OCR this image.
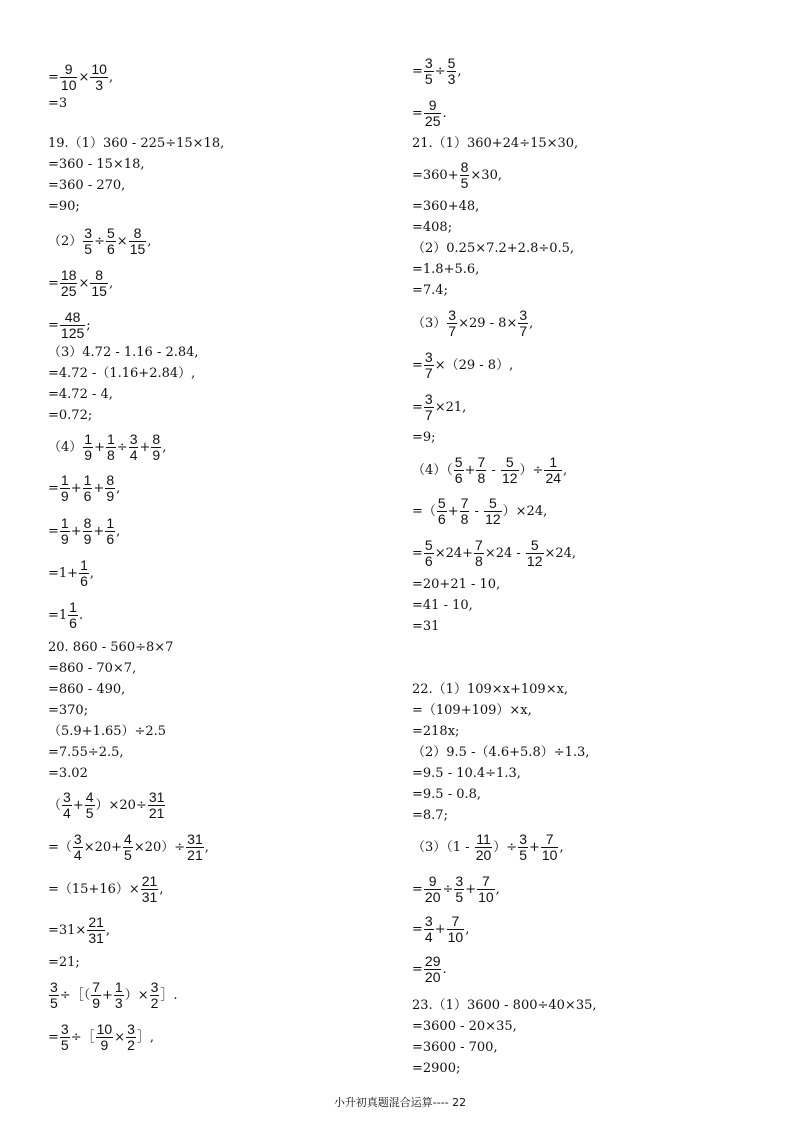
= $\frac{9}{10} \times \frac{10}{3}$ ,
=3
19.（1）360 - 225÷15×18,
=360 - 15×18,
=360 - 270,
=90;
$(2) \frac{3}{5} \div \frac{5}{6} \times \frac{8}{15}$ ,
= $\frac{18}{25} \times \frac{8}{15}$ ,
= $\frac{48}{125}$ ;
（3）4.72 - 1.16 - 2.84,
=4.72 -（1.16+2.84）,
=4.72 - 4,
=0.72;
$(4) \frac{1}{9} + \frac{1}{8} \div \frac{3}{4} + \frac{8}{9}$ ,
= $\frac{1}{9} + \frac{1}{6} + \frac{8}{9}$ ,
= $\frac{1}{9} + \frac{8}{9} + \frac{1}{6}$ ,
$=1+ \frac{1}{6}$ ,
$=1 \frac{1}{6}$ .
20. 860 - 560÷8×7
=860 - 70×7,
=860 - 490,
=370;
（5.9+1.65）÷2.5
=7.55÷2.5,
=3.02
（ $\frac{3}{4} + \frac{4}{5} )\times 20\div \frac{31}{21}$
=（ $\frac{3}{4} \times 20+ \frac{4}{5} \times 20)\div \frac{31}{21}$ ,
$=(15+16)\times \frac{21}{31}$ ,
$=31\times \frac{21}{31}$ ,
=21;
$\frac{3}{5}$ ÷［（ $\frac{7}{9} + \frac{1}{3}$ ）× $\frac{3}{2}$ ］.
= $\frac{3}{5}$ ÷［ $\frac{10}{9} \times \frac{3}{2}$ ］,
= $\frac{3}{5} \div \frac{5}{3}$ ,
= $\frac{9}{25}$ .
21.（1）360+24÷15×30,
$=360+ \frac{8}{5} \times 30$,
=360+48,
=408;
（2）0.25×7.2+2.8÷0.5,
=1.8+5.6,
=7.4;
$(3) \frac{3}{7} \times 29 - 8\times \frac{3}{7}$ ,
= $\frac{3}{7} \times(29 - 8)$,
= $\frac{3}{7} \times 21$,
=9;
$(4)( \frac{5}{6} + \frac{7}{8} - \frac{5}{12}$ ）÷ $\frac{1}{24}$ ,
=（ $\frac{5}{6} + \frac{7}{8} - \frac{5}{12} )\times 24$,
= $\frac{5}{6} \times 24+ \frac{7}{8} \times 24 - \frac{5}{12} \times 24$,
=20+21 - 10,
=41 - 10,
=31
22.（1）109×x+109×x,
=（109+109）×x,
=218x;
（2）9.5 -（4.6+5.8）÷1.3,
=9.5 - 10.4÷1.3,
=9.5 - 0.8,
=8.7;
$(3)(1 - \frac{11}{20}$ ）÷ $\frac{3}{5} + \frac{7}{10}$ ,
= $\frac{9}{20} \div \frac{3}{5} + \frac{7}{10}$ ,
= $\frac{3}{4} + \frac{7}{10}$ ,
= $\frac{29}{20}$ .
23.（1）3600 - 800÷40×35,
=3600 - 20×35,
=3600 - 700,
=2900;
小升初真题混合运算---- 22
